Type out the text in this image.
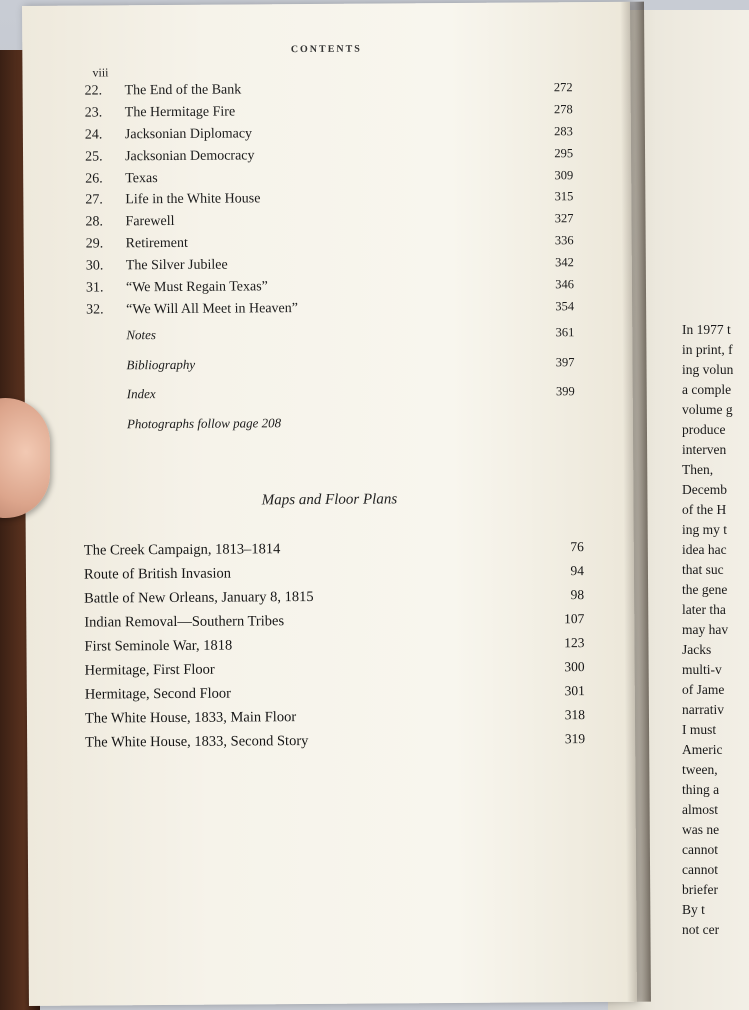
In 1977 t
in print, f
ing volun
a comple
volume g
produce
interven
Then,
Decemb
of the H
ing my t
idea hac
that suc
the gene
later tha
may hav
Jacks
multi-v
of Jame
narrativ
I must
Americ
tween,
thing a
almost
was ne
cannot
cannot
briefer
By t
not cer
CONTENTS
viii
22.	The End of the Bank	272
23.	The Hermitage Fire	278
24.	Jacksonian Diplomacy	283
25.	Jacksonian Democracy	295
26.	Texas	309
27.	Life in the White House	315
28.	Farewell	327
29.	Retirement	336
30.	The Silver Jubilee	342
31.	“We Must Regain Texas”	346
32.	“We Will All Meet in Heaven”	354
Notes	361
Bibliography	397
Index	399
Photographs follow page 208
Maps and Floor Plans
The Creek Campaign, 1813–1814	76
Route of British Invasion	94
Battle of New Orleans, January 8, 1815	98
Indian Removal—Southern Tribes	107
First Seminole War, 1818	123
Hermitage, First Floor	300
Hermitage, Second Floor	301
The White House, 1833, Main Floor	318
The White House, 1833, Second Story	319
